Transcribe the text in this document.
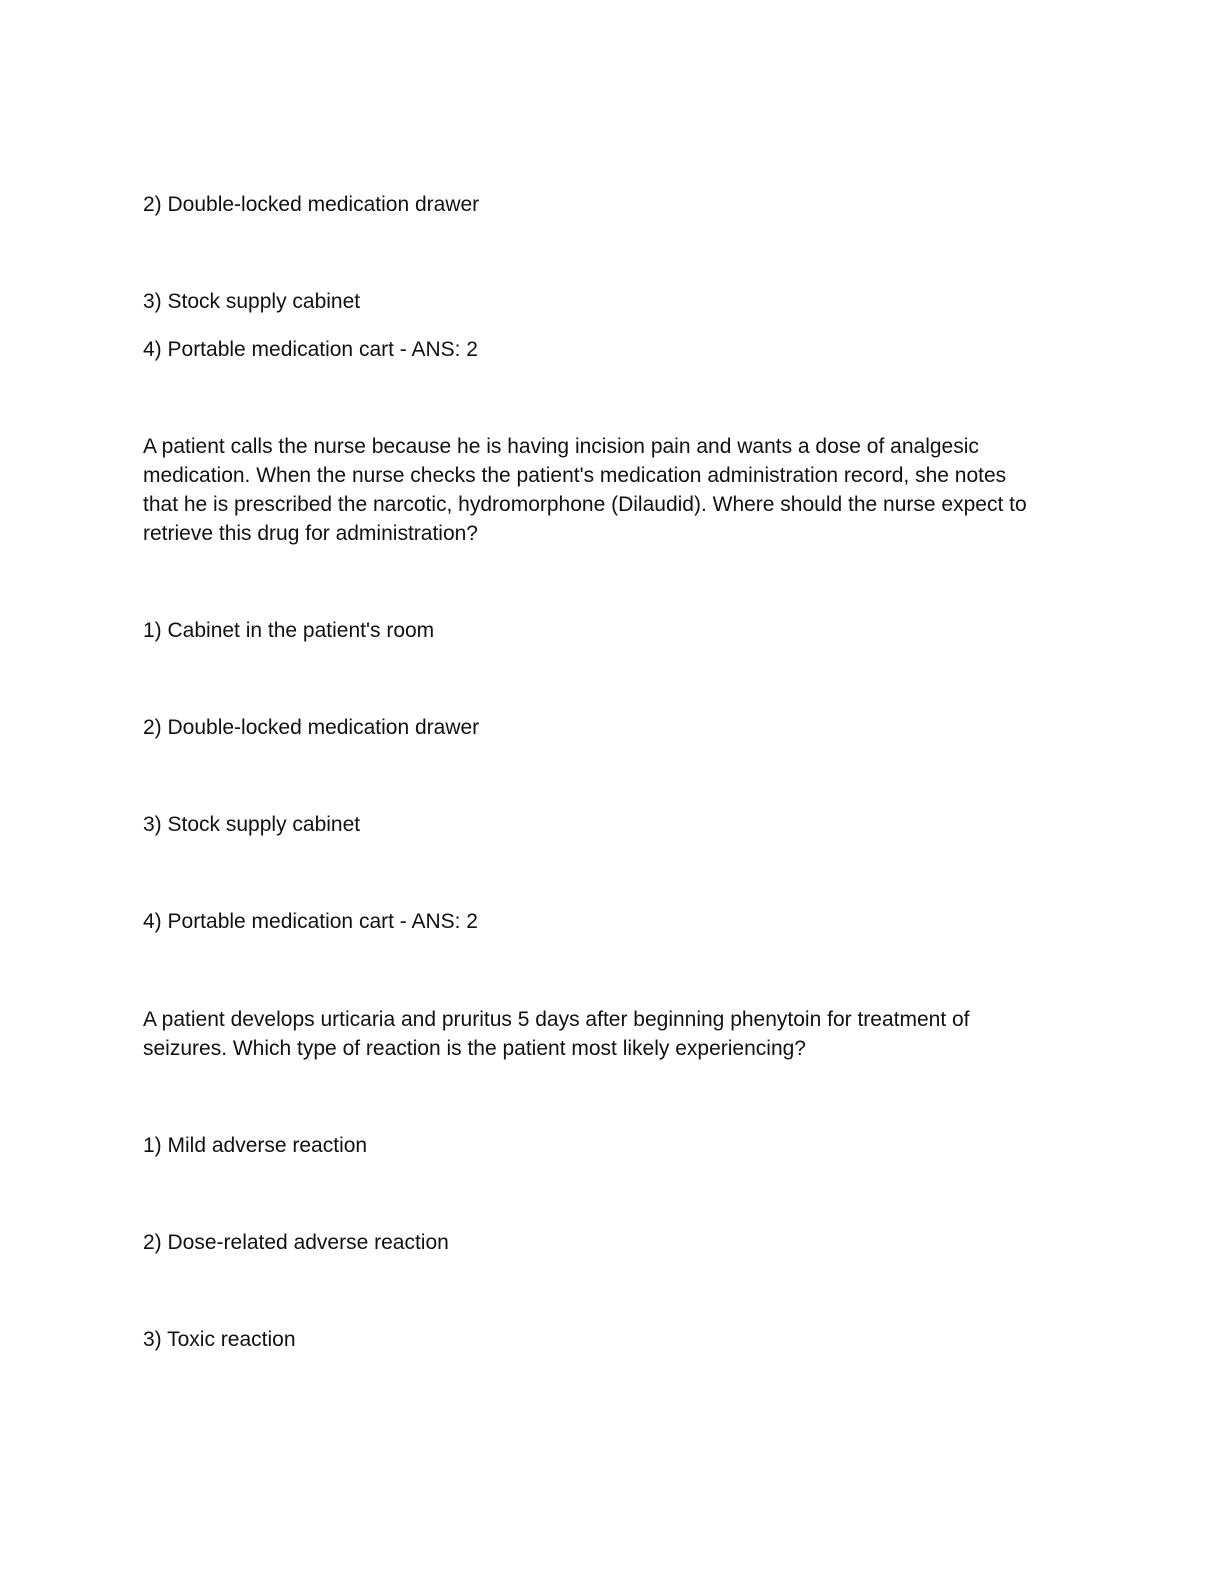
2) Double-locked medication drawer

3) Stock supply cabinet

4) Portable medication cart - ANS: 2

A patient calls the nurse because he is having incision pain and wants a dose of analgesic

medication. When the nurse checks the patient's medication administration record, she notes

that he is prescribed the narcotic, hydromorphone (Dilaudid). Where should the nurse expect to

retrieve this drug for administration?

1) Cabinet in the patient's room

2) Double-locked medication drawer

3) Stock supply cabinet

4) Portable medication cart - ANS: 2

A patient develops urticaria and pruritus 5 days after beginning phenytoin for treatment of

seizures. Which type of reaction is the patient most likely experiencing?

1) Mild adverse reaction

2) Dose-related adverse reaction

3) Toxic reaction
